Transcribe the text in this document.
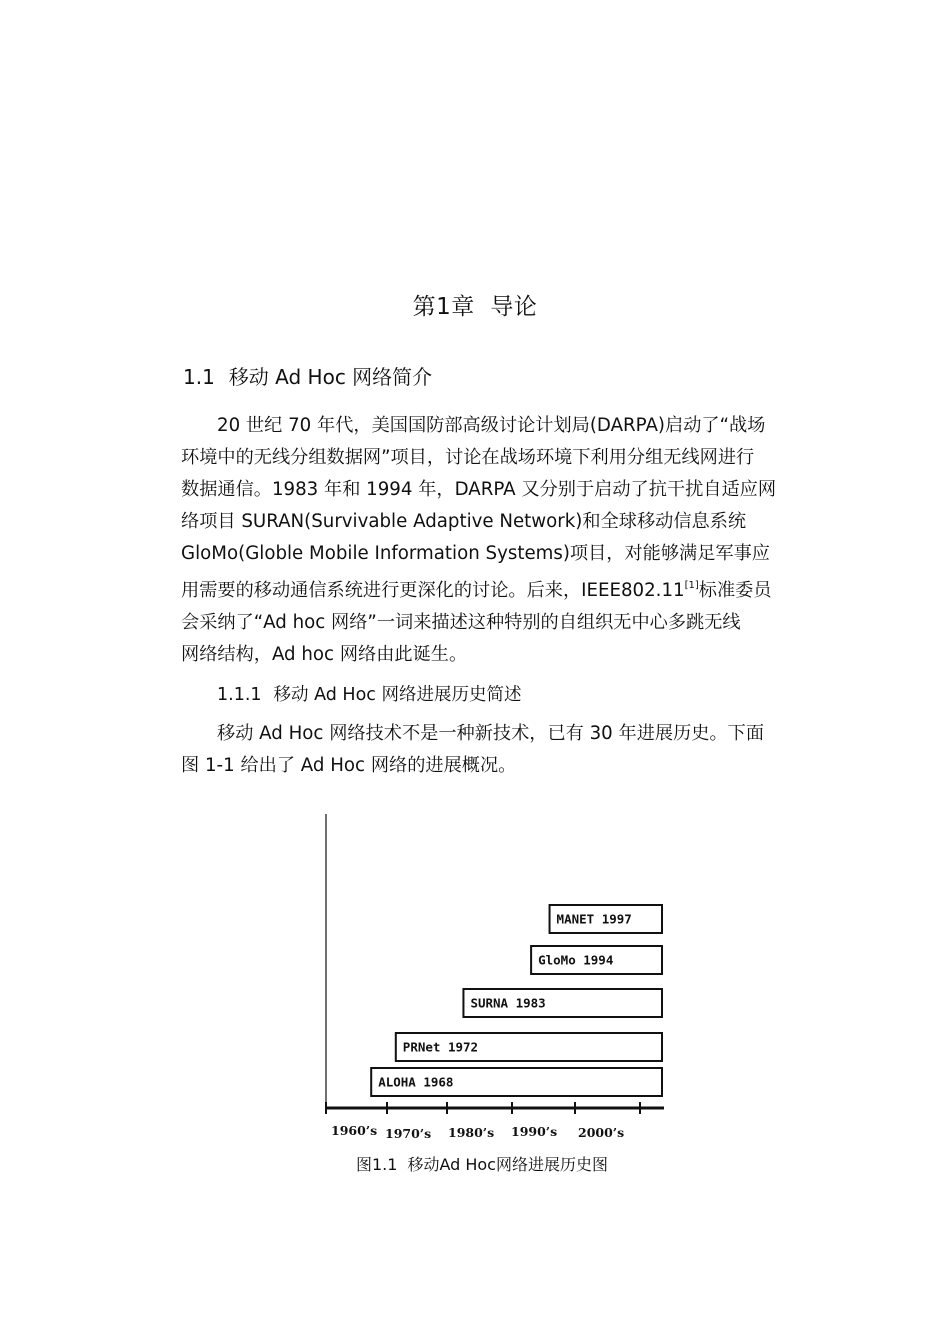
第1章 导论
1.1 移动 Ad Hoc 网络简介
20 世纪 70 年代，美国国防部高级讨论计划局(DARPA)启动了“战场
环境中的无线分组数据网”项目，讨论在战场环境下利用分组无线网进行
数据通信。1983 年和 1994 年，DARPA 又分别于启动了抗干扰自适应网
络项目 SURAN(Survivable Adaptive Network)和全球移动信息系统
GloMo(Globle Mobile Information Systems)项目，对能够满足军事应
用需要的移动通信系统进行更深化的讨论。后来，IEEE802.11[1]标准委员
会采纳了“Ad hoc 网络”一词来描述这种特别的自组织无中心多跳无线
网络结构，Ad hoc 网络由此诞生。
1.1.1 移动 Ad Hoc 网络进展历史简述
移动 Ad Hoc 网络技术不是一种新技术，已有 30 年进展历史。下面
图 1-1 给出了 Ad Hoc 网络的进展概况。
1960’s 1970’s 1980’s 1990’s 2000’s
ALOHA 1968
PRNet 1972
SURNA 1983
GloMo 1994
MANET 1997
图1.1 移动Ad Hoc网络进展历史图
